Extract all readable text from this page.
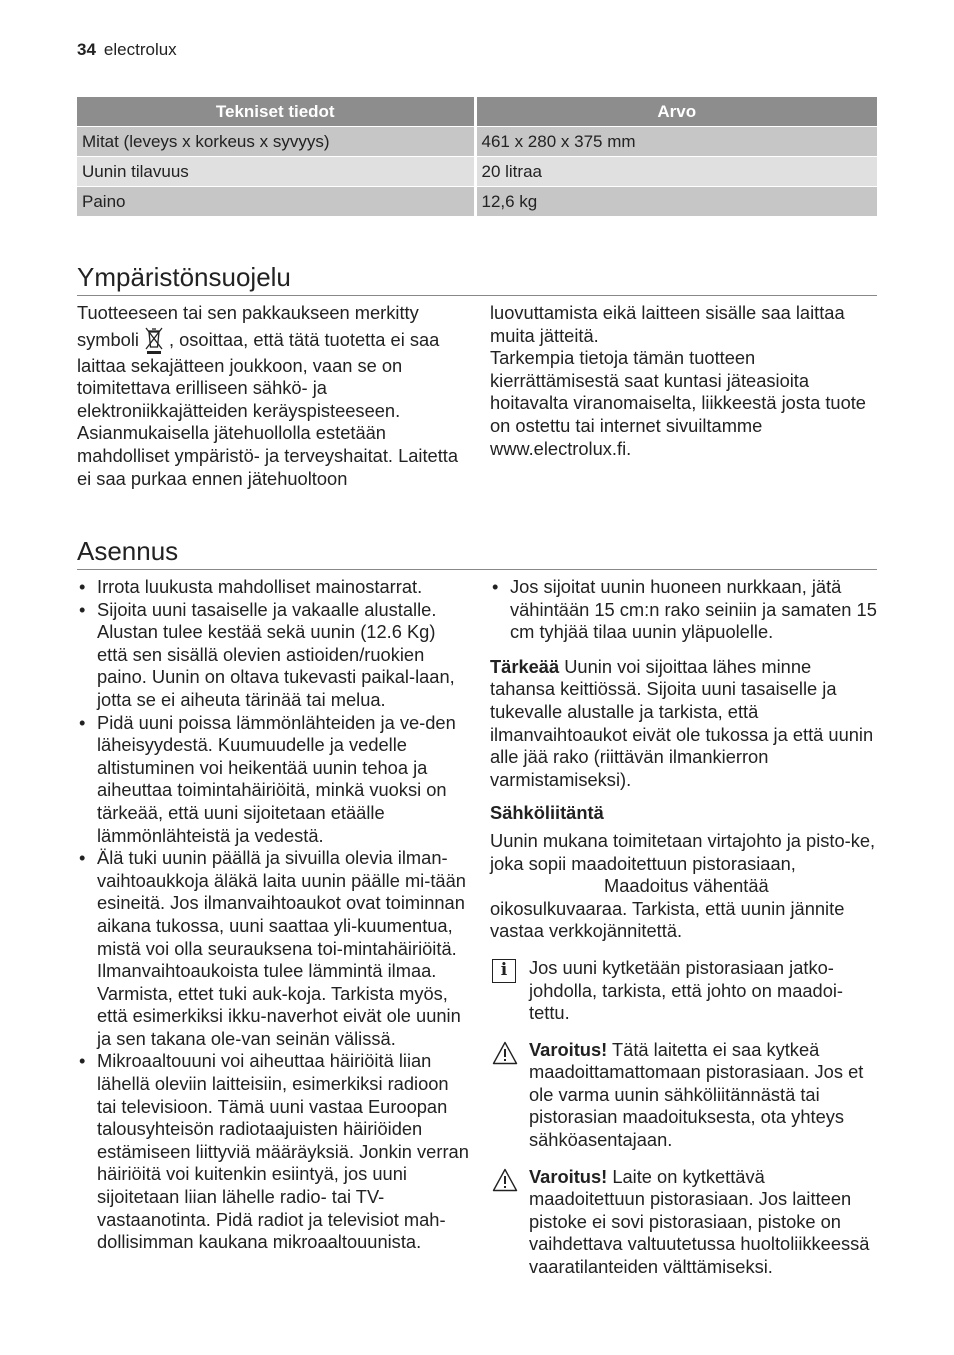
34 electrolux
Tekniset tiedot	Arvo
Mitat (leveys x korkeus x syvyys)	461 x 280 x 375 mm
Uunin tilavuus	20 litraa
Paino	12,6 kg
Ympäristönsuojelu

Tuotteeseen tai sen pakkaukseen merkitty symboli , osoittaa, että tätä tuotetta ei saa laittaa sekajätteen joukkoon, vaan se on toimitettava erilliseen sähkö- ja elektroniikkajätteiden keräyspisteeseen. Asianmukaisella jätehuollolla estetään mahdolliset ympäristö- ja terveyshaitat. Laitetta ei saa purkaa ennen jätehuoltoon

luovuttamista eikä laitteen sisälle saa laittaa muita jätteitä.

Tarkempia tietoja tämän tuotteen kierrättämisestä saat kuntasi jäteasioita hoitavalta viranomaiselta, liikkeestä josta tuote on ostettu tai internet sivuiltamme www.electrolux.fi.

Asennus
• Irrota luukusta mahdolliset mainostarrat.
• Sijoita uuni tasaiselle ja vakaalle alustalle. Alustan tulee kestää sekä uunin (12.6 Kg) että sen sisällä olevien astioiden/ruokien paino. Uunin on oltava tukevasti paikal-laan, jotta se ei aiheuta tärinää tai melua.
• Pidä uuni poissa lämmönlähteiden ja ve-den läheisyydestä. Kuumuudelle ja vedelle altistuminen voi heikentää uunin tehoa ja aiheuttaa toimintahäiriöitä, minkä vuoksi on tärkeää, että uuni sijoitetaan etäälle lämmönlähteistä ja vedestä.
• Älä tuki uunin päällä ja sivuilla olevia ilman-vaihtoaukkoja äläkä laita uunin päälle mi-tään esineitä. Jos ilmanvaihtoaukot ovat toiminnan aikana tukossa, uuni saattaa yli-kuumentua, mistä voi olla seurauksena toi-mintahäiriöitä. Ilmanvaihtoaukoista tulee lämmintä ilmaa. Varmista, ettet tuki auk-koja. Tarkista myös, että esimerkiksi ikku-naverhot eivät ole uunin ja sen takana ole-van seinän välissä.
• Mikroaaltouuni voi aiheuttaa häiriöitä liian lähellä oleviin laitteisiin, esimerkiksi radioon tai televisioon. Tämä uuni vastaa Euroopan talousyhteisön radiotaajuisten häiriöiden estämiseen liittyviä määräyksiä. Jonkin verran häiriöitä voi kuitenkin esiintyä, jos uuni sijoitetaan liian lähelle radio- tai TV-vastaanotinta. Pidä radiot ja televisiot mah-dollisimman kaukana mikroaaltouunista.
• Jos sijoitat uunin huoneen nurkkaan, jätä vähintään 15 cm:n rako seiniin ja samaten 15 cm tyhjää tilaa uunin yläpuolelle.

Tärkeää Uunin voi sijoittaa lähes minne tahansa keittiössä. Sijoita uuni tasaiselle ja tukevalle alustalle ja tarkista, että ilmanvaihtoaukot eivät ole tukossa ja että uunin alle jää rako (riittävän ilmankierron varmistamiseksi).

Sähköliitäntä

Uunin mukana toimitetaan virtajohto ja pisto-ke, joka sopii maadoitettuun pistorasiaan,

Maadoitus vähentää

oikosulkuvaaraa. Tarkista, että uunin jännite

vastaa verkkojännitettä.

i	Jos uuni kytketään pistorasiaan jatko-johdolla, tarkista, että johto on maadoi-tettu.
Varoitus! Tätä laitetta ei saa kytkeä maadoittamattomaan pistorasiaan. Jos et ole varma uunin sähköliitännästä tai pistorasian maadoituksesta, ota yhteys sähköasentajaan.
Varoitus! Laite on kytkettävä maadoitettuun pistorasiaan. Jos laitteen pistoke ei sovi pistorasiaan, pistoke on vaihdettava valtuutetussa huoltoliikkeessä vaaratilanteiden välttämiseksi.
